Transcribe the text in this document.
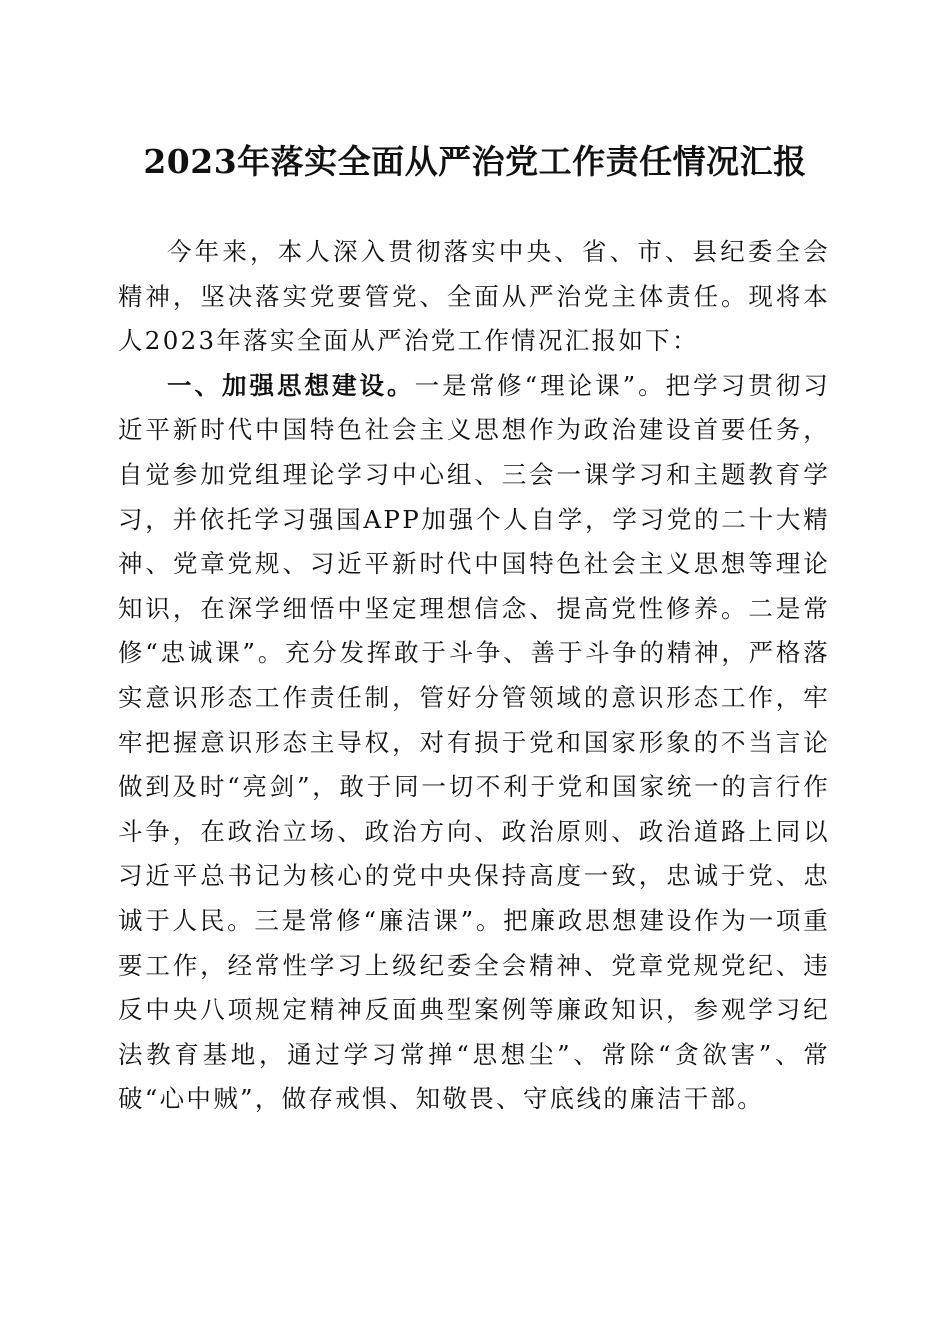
2023年落实全面从严治党工作责任情况汇报

今年来，本人深入贯彻落实中央、省、市、县纪委全会精神，坚决落实党要管党、全面从严治党主体责任。现将本人2023年落实全面从严治党工作情况汇报如下：

一、加强思想建设。一是常修“理论课”。把学习贯彻习近平新时代中国特色社会主义思想作为政治建设首要任务，自觉参加党组理论学习中心组、三会一课学习和主题教育学习，并依托学习强国APP加强个人自学，学习党的二十大精神、党章党规、习近平新时代中国特色社会主义思想等理论知识，在深学细悟中坚定理想信念、提高党性修养。二是常修“忠诚课”。充分发挥敢于斗争、善于斗争的精神，严格落实意识形态工作责任制，管好分管领域的意识形态工作，牢牢把握意识形态主导权，对有损于党和国家形象的不当言论做到及时“亮剑”，敢于同一切不利于党和国家统一的言行作斗争，在政治立场、政治方向、政治原则、政治道路上同以习近平总书记为核心的党中央保持高度一致，忠诚于党、忠诚于人民。三是常修“廉洁课”。把廉政思想建设作为一项重要工作，经常性学习上级纪委全会精神、党章党规党纪、违反中央八项规定精神反面典型案例等廉政知识，参观学习纪法教育基地，通过学习常掸“思想尘”、常除“贪欲害”、常破“心中贼”，做存戒惧、知敬畏、守底线的廉洁干部。
